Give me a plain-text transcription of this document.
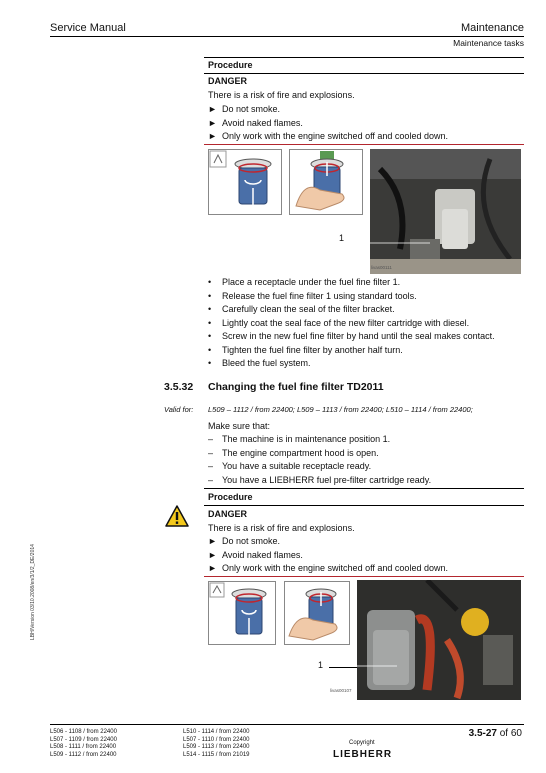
Service Manual	Maintenance
Maintenance tasks
Procedure
DANGER
There is a risk of fire and explosions.
► Do not smoke.
► Avoid naked flames.
► Only work with the engine switched off and cooled down.
1
livas00111
• Place a receptacle under the fuel fine filter 1.
• Release the fuel fine filter 1 using standard tools.
• Carefully clean the seal of the filter bracket.
• Lightly coat the seal face of the new filter cartridge with diesel.
• Screw in the new fuel fine filter by hand until the seal makes contact.
• Tighten the fuel fine filter by another half turn.
• Bleed the fuel system.
3.5.32 Changing the fuel fine filter TD2011
Valid for: L509 – 1112 / from 22400; L509 – 1113 / from 22400; L510 – 1114 / from 22400;
Make sure that:
– The machine is in maintenance position 1.
– The engine compartment hood is open.
– You have a suitable receptacle ready.
– You have a LIEBHERR fuel pre-filter cartridge ready.
Procedure
DANGER
There is a risk of fire and explosions.
► Do not smoke.
► Avoid naked flames.
► Only work with the engine switched off and cooled down.
1
livas00107
LBH/Version 03/10.2008/en/3/1/2_DE/2014
L506 - 1108 / from 22400
L507 - 1109 / from 22400
L508 - 1111 / from 22400
L509 - 1112 / from 22400
L510 - 1114 / from 22400
L507 - 1110 / from 22400
L509 - 1113 / from 22400
L514 - 1115 / from 21019
Copyright
LIEBHERR
3.5-27 of 60
